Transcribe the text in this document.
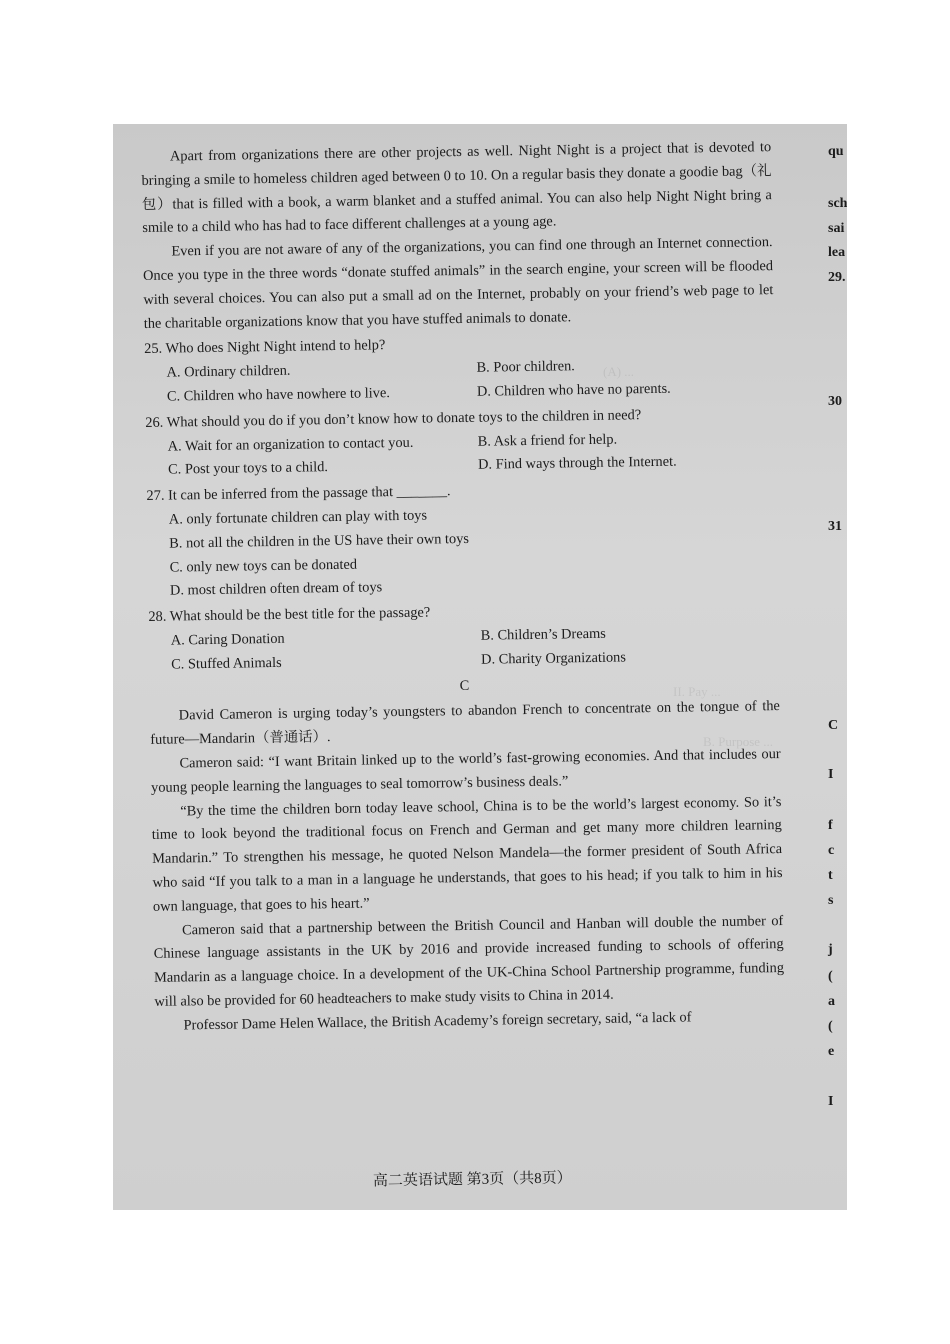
(A) ...
II. Pay ...
B. Purpose ...

Apart from organizations there are other projects as well. Night Night is a project that is devoted to bringing a smile to homeless children aged between 0 to 10. On a regular basis they donate a goodie bag（礼包）that is filled with a book, a warm blanket and a stuffed animal. You can also help Night Night bring a smile to a child who has had to face different challenges at a young age.

Even if you are not aware of any of the organizations, you can find one through an Internet connection. Once you type in the three words “donate stuffed animals” in the search engine, your screen will be flooded with several choices. You can also put a small ad on the Internet, probably on your friend’s web page to let the charitable organizations know that you have stuffed animals to donate.

25. Who does Night Night intend to help?

A. Ordinary children.	B. Poor children.

C. Children who have nowhere to live.	D. Children who have no parents.

26. What should you do if you don’t know how to donate toys to the children in need?

A. Wait for an organization to contact you.	B. Ask a friend for help.

C. Post your toys to a child.	D. Find ways through the Internet.

27. It can be inferred from the passage that _______.

A. only fortunate children can play with toys

B. not all the children in the US have their own toys

C. only new toys can be donated

D. most children often dream of toys

28. What should be the best title for the passage?

A. Caring Donation	B. Children’s Dreams

C. Stuffed Animals	D. Charity Organizations

C

David Cameron is urging today’s youngsters to abandon French to concentrate on the tongue of the future—Mandarin（普通话）.

Cameron said: “I want Britain linked up to the world’s fast-growing economies. And that includes our young people learning the languages to seal tomorrow’s business deals.”

“By the time the children born today leave school, China is to be the world’s largest economy. So it’s time to look beyond the traditional focus on French and German and get many more children learning Mandarin.” To strengthen his message, he quoted Nelson Mandela—the former president of South Africa who said “If you talk to a man in a language he understands, that goes to his head; if you talk to him in his own language, that goes to his heart.”

Cameron said that a partnership between the British Council and Hanban will double the number of Chinese language assistants in the UK by 2016 and provide increased funding to schools of offering Mandarin as a language choice. In a development of the UK-China School Partnership programme, funding will also be provided for 60 headteachers to make study visits to China in 2014.

Professor Dame Helen Wallace, the British Academy’s foreign secretary, said, “a lack of

高二英语试题 第3页（共8页）
qu
sch
sai
lea
29.
30
31
C
I
f
c
t
s
j
(
a
(
e
I
